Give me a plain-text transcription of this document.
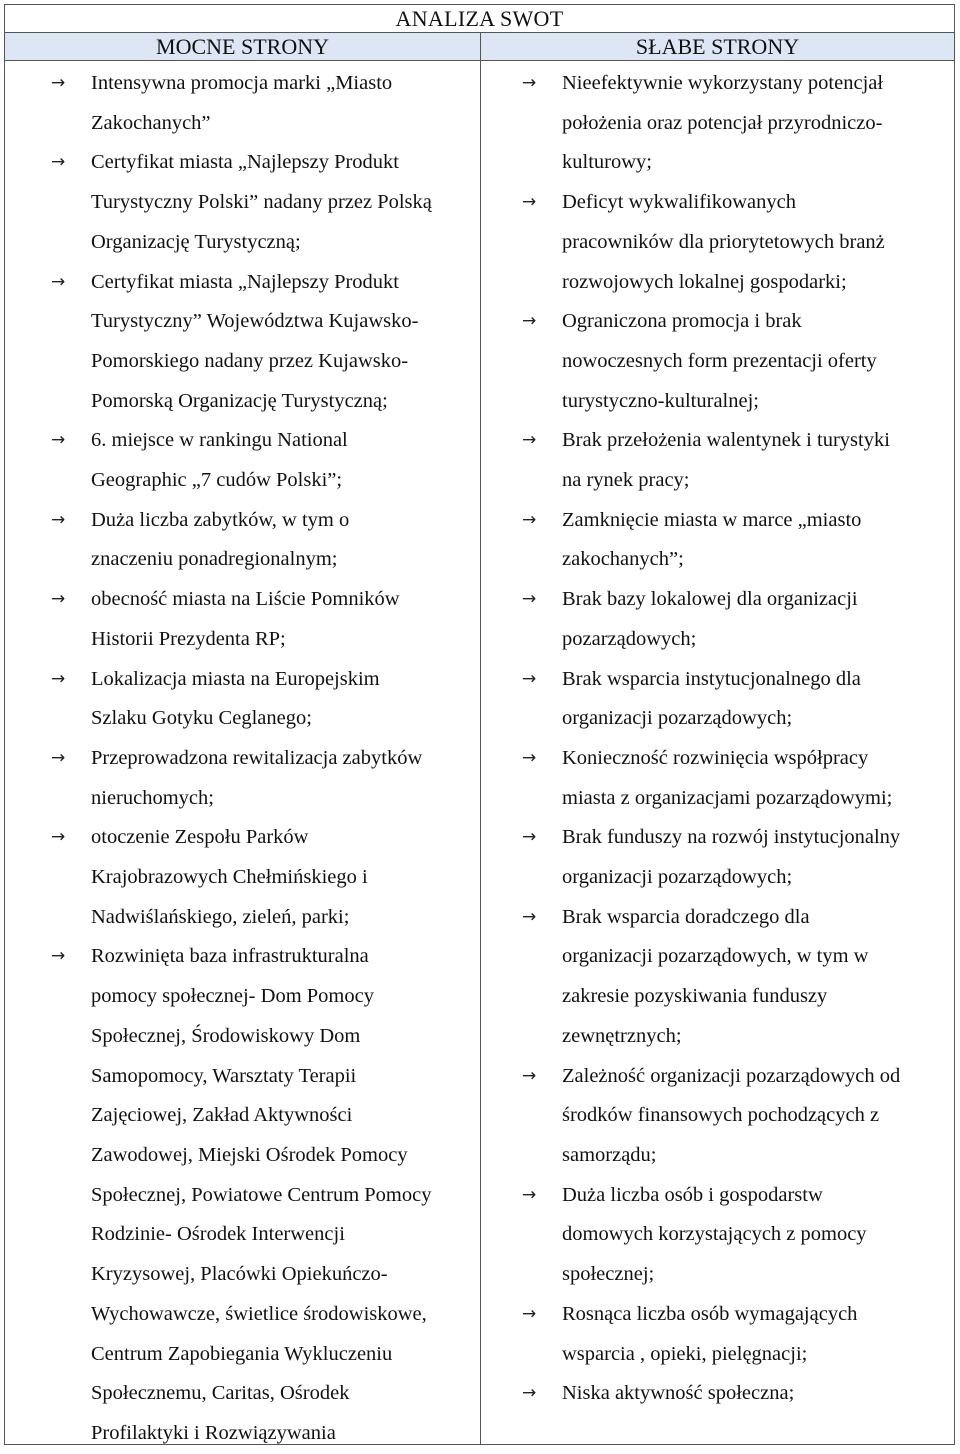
ANALIZA SWOT
MOCNE STRONY	SŁABE STRONY
→ Intensywna promocja marki „Miasto
Zakochanych”
→ Certyfikat miasta „Najlepszy Produkt
Turystyczny Polski” nadany przez Polską
Organizację Turystyczną;
→ Certyfikat miasta „Najlepszy Produkt
Turystyczny” Województwa Kujawsko-
Pomorskiego nadany przez Kujawsko-
Pomorską Organizację Turystyczną;
→ 6. miejsce w rankingu National
Geographic „7 cudów Polski”;
→ Duża liczba zabytków, w tym o
znaczeniu ponadregionalnym;
→ obecność miasta na Liście Pomników
Historii Prezydenta RP;
→ Lokalizacja miasta na Europejskim
Szlaku Gotyku Ceglanego;
→ Przeprowadzona rewitalizacja zabytków
nieruchomych;
→ otoczenie Zespołu Parków
Krajobrazowych Chełmińskiego i
Nadwiślańskiego, zieleń, parki;
→ Rozwinięta baza infrastrukturalna
pomocy społecznej- Dom Pomocy
Społecznej, Środowiskowy Dom
Samopomocy, Warsztaty Terapii
Zajęciowej, Zakład Aktywności
Zawodowej, Miejski Ośrodek Pomocy
Społecznej, Powiatowe Centrum Pomocy
Rodzinie- Ośrodek Interwencji
Kryzysowej, Placówki Opiekuńczo-
Wychowawcze, świetlice środowiskowe,
Centrum Zapobiegania Wykluczeniu
Społecznemu, Caritas, Ośrodek
Profilaktyki i Rozwiązywania
→ Nieefektywnie wykorzystany potencjał
położenia oraz potencjał przyrodniczo-
kulturowy;
→ Deficyt wykwalifikowanych
pracowników dla priorytetowych branż
rozwojowych lokalnej gospodarki;
→ Ograniczona promocja i brak
nowoczesnych form prezentacji oferty
turystyczno-kulturalnej;
→ Brak przełożenia walentynek i turystyki
na rynek pracy;
→ Zamknięcie miasta w marce „miasto
zakochanych”;
→ Brak bazy lokalowej dla organizacji
pozarządowych;
→ Brak wsparcia instytucjonalnego dla
organizacji pozarządowych;
→ Konieczność rozwinięcia współpracy
miasta z organizacjami pozarządowymi;
→ Brak funduszy na rozwój instytucjonalny
organizacji pozarządowych;
→ Brak wsparcia doradczego dla
organizacji pozarządowych, w tym w
zakresie pozyskiwania funduszy
zewnętrznych;
→ Zależność organizacji pozarządowych od
środków finansowych pochodzących z
samorządu;
→ Duża liczba osób i gospodarstw
domowych korzystających z pomocy
społecznej;
→ Rosnąca liczba osób wymagających
wsparcia , opieki, pielęgnacji;
→ Niska aktywność społeczna;
